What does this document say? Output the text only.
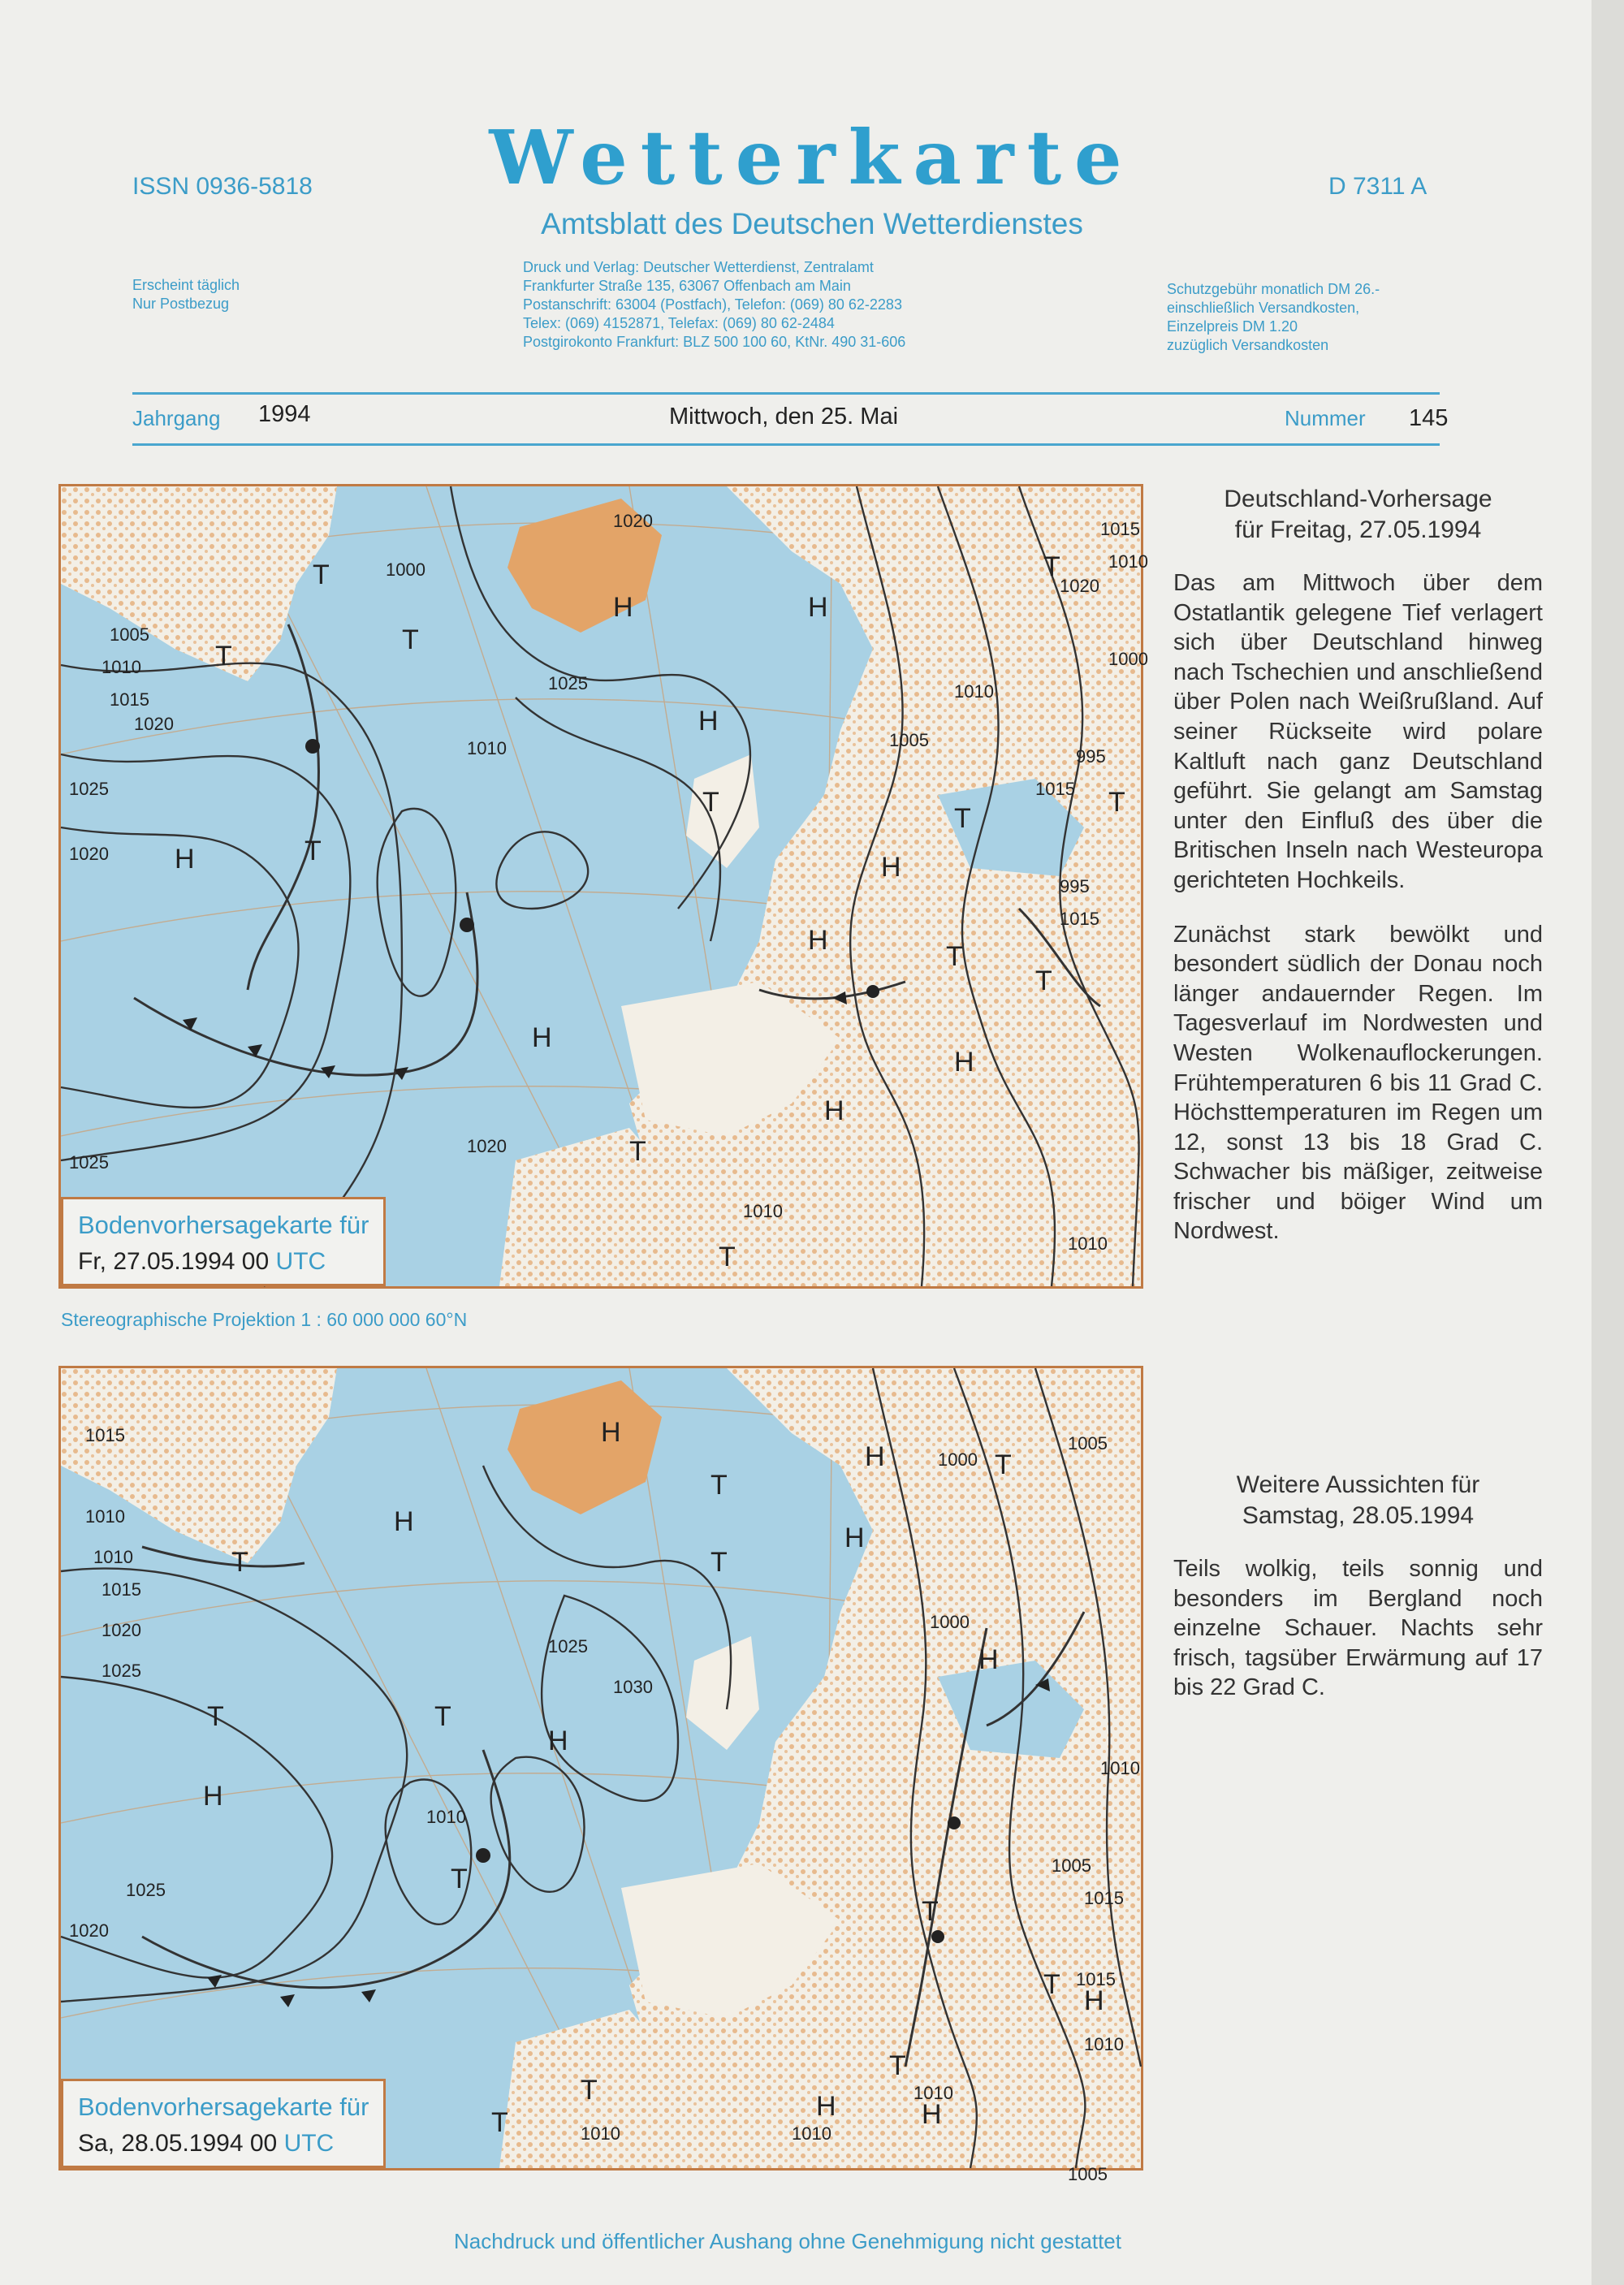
Wetterkarte
Amtsblatt des Deutschen Wetterdienstes
ISSN 0936-5818	D 7311 A
Erscheint täglich
Nur Postbezug
Druck und Verlag: Deutscher Wetterdienst, Zentralamt
Frankfurter Straße 135, 63067 Offenbach am Main
Postanschrift: 63004 (Postfach), Telefon: (069) 80 62-2283
Telex: (069) 4152871, Telefax: (069) 80 62-2484
Postgirokonto Frankfurt: BLZ 500 100 60, KtNr. 490 31-606
Schutzgebühr monatlich DM 26.-
einschließlich Versandkosten,
Einzelpreis DM 1.20
zuzüglich Versandkosten
Jahrgang 1994	Mittwoch, den 25. Mai	Nummer 145
1020
1000
1005
1010
1015
1020
1025
1025
1020
1010
1025
1020
1015
1010
1005
1020
1015
1010
1000
995
995
1015
1010
1010
H
T
T
H
T
T
H
H
T
T
H
H
H
H
T
T
T
T
T
T
H
Bodenvorhersagekarte für
Fr, 27.05.1994 00 UTC
Stereographische Projektion 1 : 60 000 000 60°N
1015
1010
1010
1015
1020
1025
1025
1030
1010
1025
1020
1000
1005
1000
1015
1010
1015
1010
1010
1005
1005
1010	1010
H
H
T
T
H
T
H
H
H
T
T
T
T
H
T
H
T
T
T
H
T	H
Bodenvorhersagekarte für
Sa, 28.05.1994 00 UTC
Deutschland-Vorhersage
für Freitag, 27.05.1994

Das am Mittwoch über dem Ostatlantik gelegene Tief verlagert sich über Deutschland hinweg nach Tschechien und anschließend über Polen nach Weißrußland. Auf seiner Rückseite wird polare Kaltluft nach ganz Deutschland geführt. Sie gelangt am Samstag unter den Einfluß des über die Britischen Inseln nach Westeuropa gerichteten Hochkeils.

Zunächst stark bewölkt und besondert südlich der Donau noch länger andauernder Regen. Im Tagesverlauf im Nordwesten und Westen Wolkenauflockerungen. Frühtemperaturen 6 bis 11 Grad C. Höchsttemperaturen im Regen um 12, sonst 13 bis 18 Grad C. Schwacher bis mäßiger, zeitweise frischer und böiger Wind um Nordwest.

Weitere Aussichten für
Samstag, 28.05.1994

Teils wolkig, teils sonnig und besonders im Bergland noch einzelne Schauer. Nachts sehr frisch, tagsüber Erwärmung auf 17 bis 22 Grad C.

Nachdruck und öffentlicher Aushang ohne Genehmigung nicht gestattet
